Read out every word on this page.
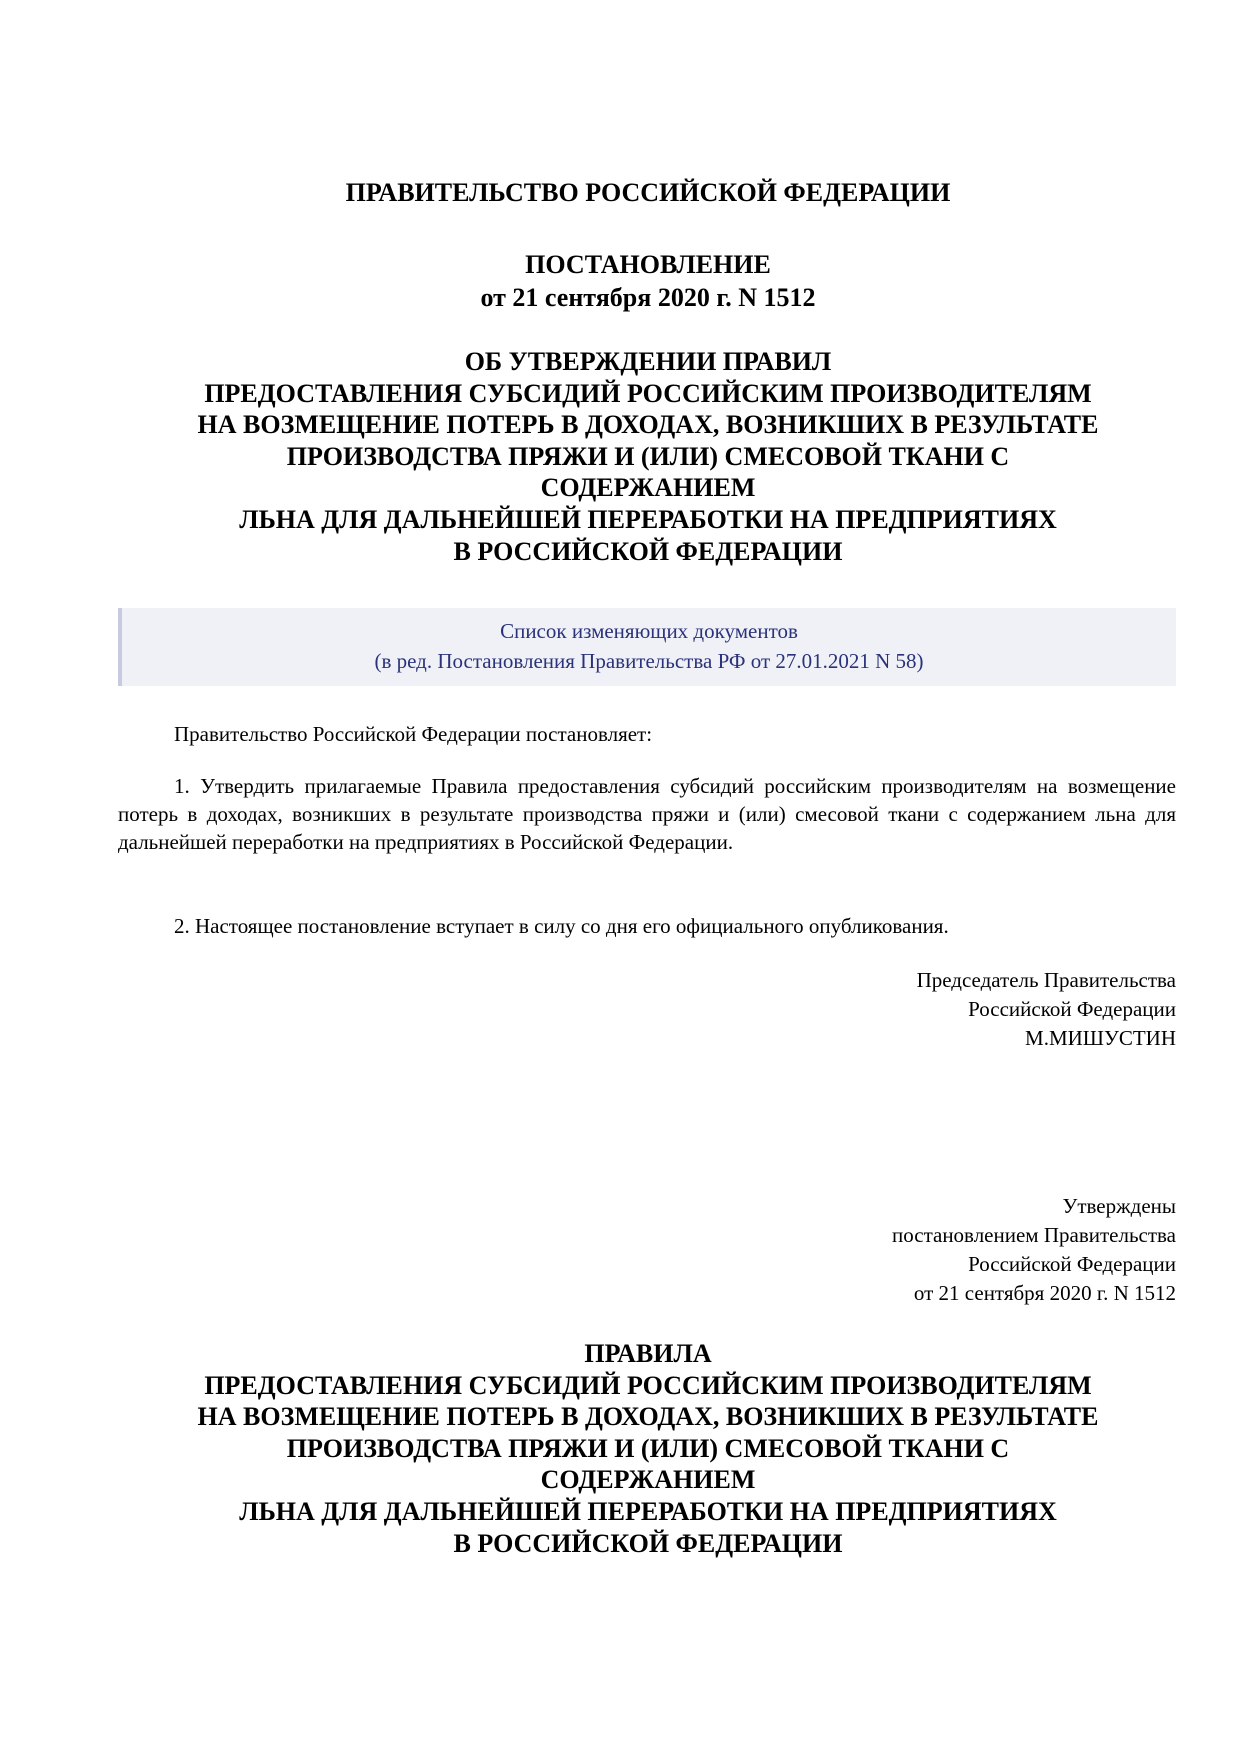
ПРАВИТЕЛЬСТВО РОССИЙСКОЙ ФЕДЕРАЦИИ
ПОСТАНОВЛЕНИЕ
от 21 сентября 2020 г. N 1512
ОБ УТВЕРЖДЕНИИ ПРАВИЛ
ПРЕДОСТАВЛЕНИЯ СУБСИДИЙ РОССИЙСКИМ ПРОИЗВОДИТЕЛЯМ
НА ВОЗМЕЩЕНИЕ ПОТЕРЬ В ДОХОДАХ, ВОЗНИКШИХ В РЕЗУЛЬТАТЕ
ПРОИЗВОДСТВА ПРЯЖИ И (ИЛИ) СМЕСОВОЙ ТКАНИ С
СОДЕРЖАНИЕМ
ЛЬНА ДЛЯ ДАЛЬНЕЙШЕЙ ПЕРЕРАБОТКИ НА ПРЕДПРИЯТИЯХ
В РОССИЙСКОЙ ФЕДЕРАЦИИ
Список изменяющих документов
(в ред. Постановления Правительства РФ от 27.01.2021 N 58)
Правительство Российской Федерации постановляет:
1. Утвердить прилагаемые Правила предоставления субсидий российским производителям на возмещение потерь в доходах, возникших в результате производства пряжи и (или) смесовой ткани с содержанием льна для дальнейшей переработки на предприятиях в Российской Федерации.
2. Настоящее постановление вступает в силу со дня его официального опубликования.
Председатель Правительства
Российской Федерации
М.МИШУСТИН
Утверждены
постановлением Правительства
Российской Федерации
от 21 сентября 2020 г. N 1512
ПРАВИЛА
ПРЕДОСТАВЛЕНИЯ СУБСИДИЙ РОССИЙСКИМ ПРОИЗВОДИТЕЛЯМ
НА ВОЗМЕЩЕНИЕ ПОТЕРЬ В ДОХОДАХ, ВОЗНИКШИХ В РЕЗУЛЬТАТЕ
ПРОИЗВОДСТВА ПРЯЖИ И (ИЛИ) СМЕСОВОЙ ТКАНИ С
СОДЕРЖАНИЕМ
ЛЬНА ДЛЯ ДАЛЬНЕЙШЕЙ ПЕРЕРАБОТКИ НА ПРЕДПРИЯТИЯХ
В РОССИЙСКОЙ ФЕДЕРАЦИИ
